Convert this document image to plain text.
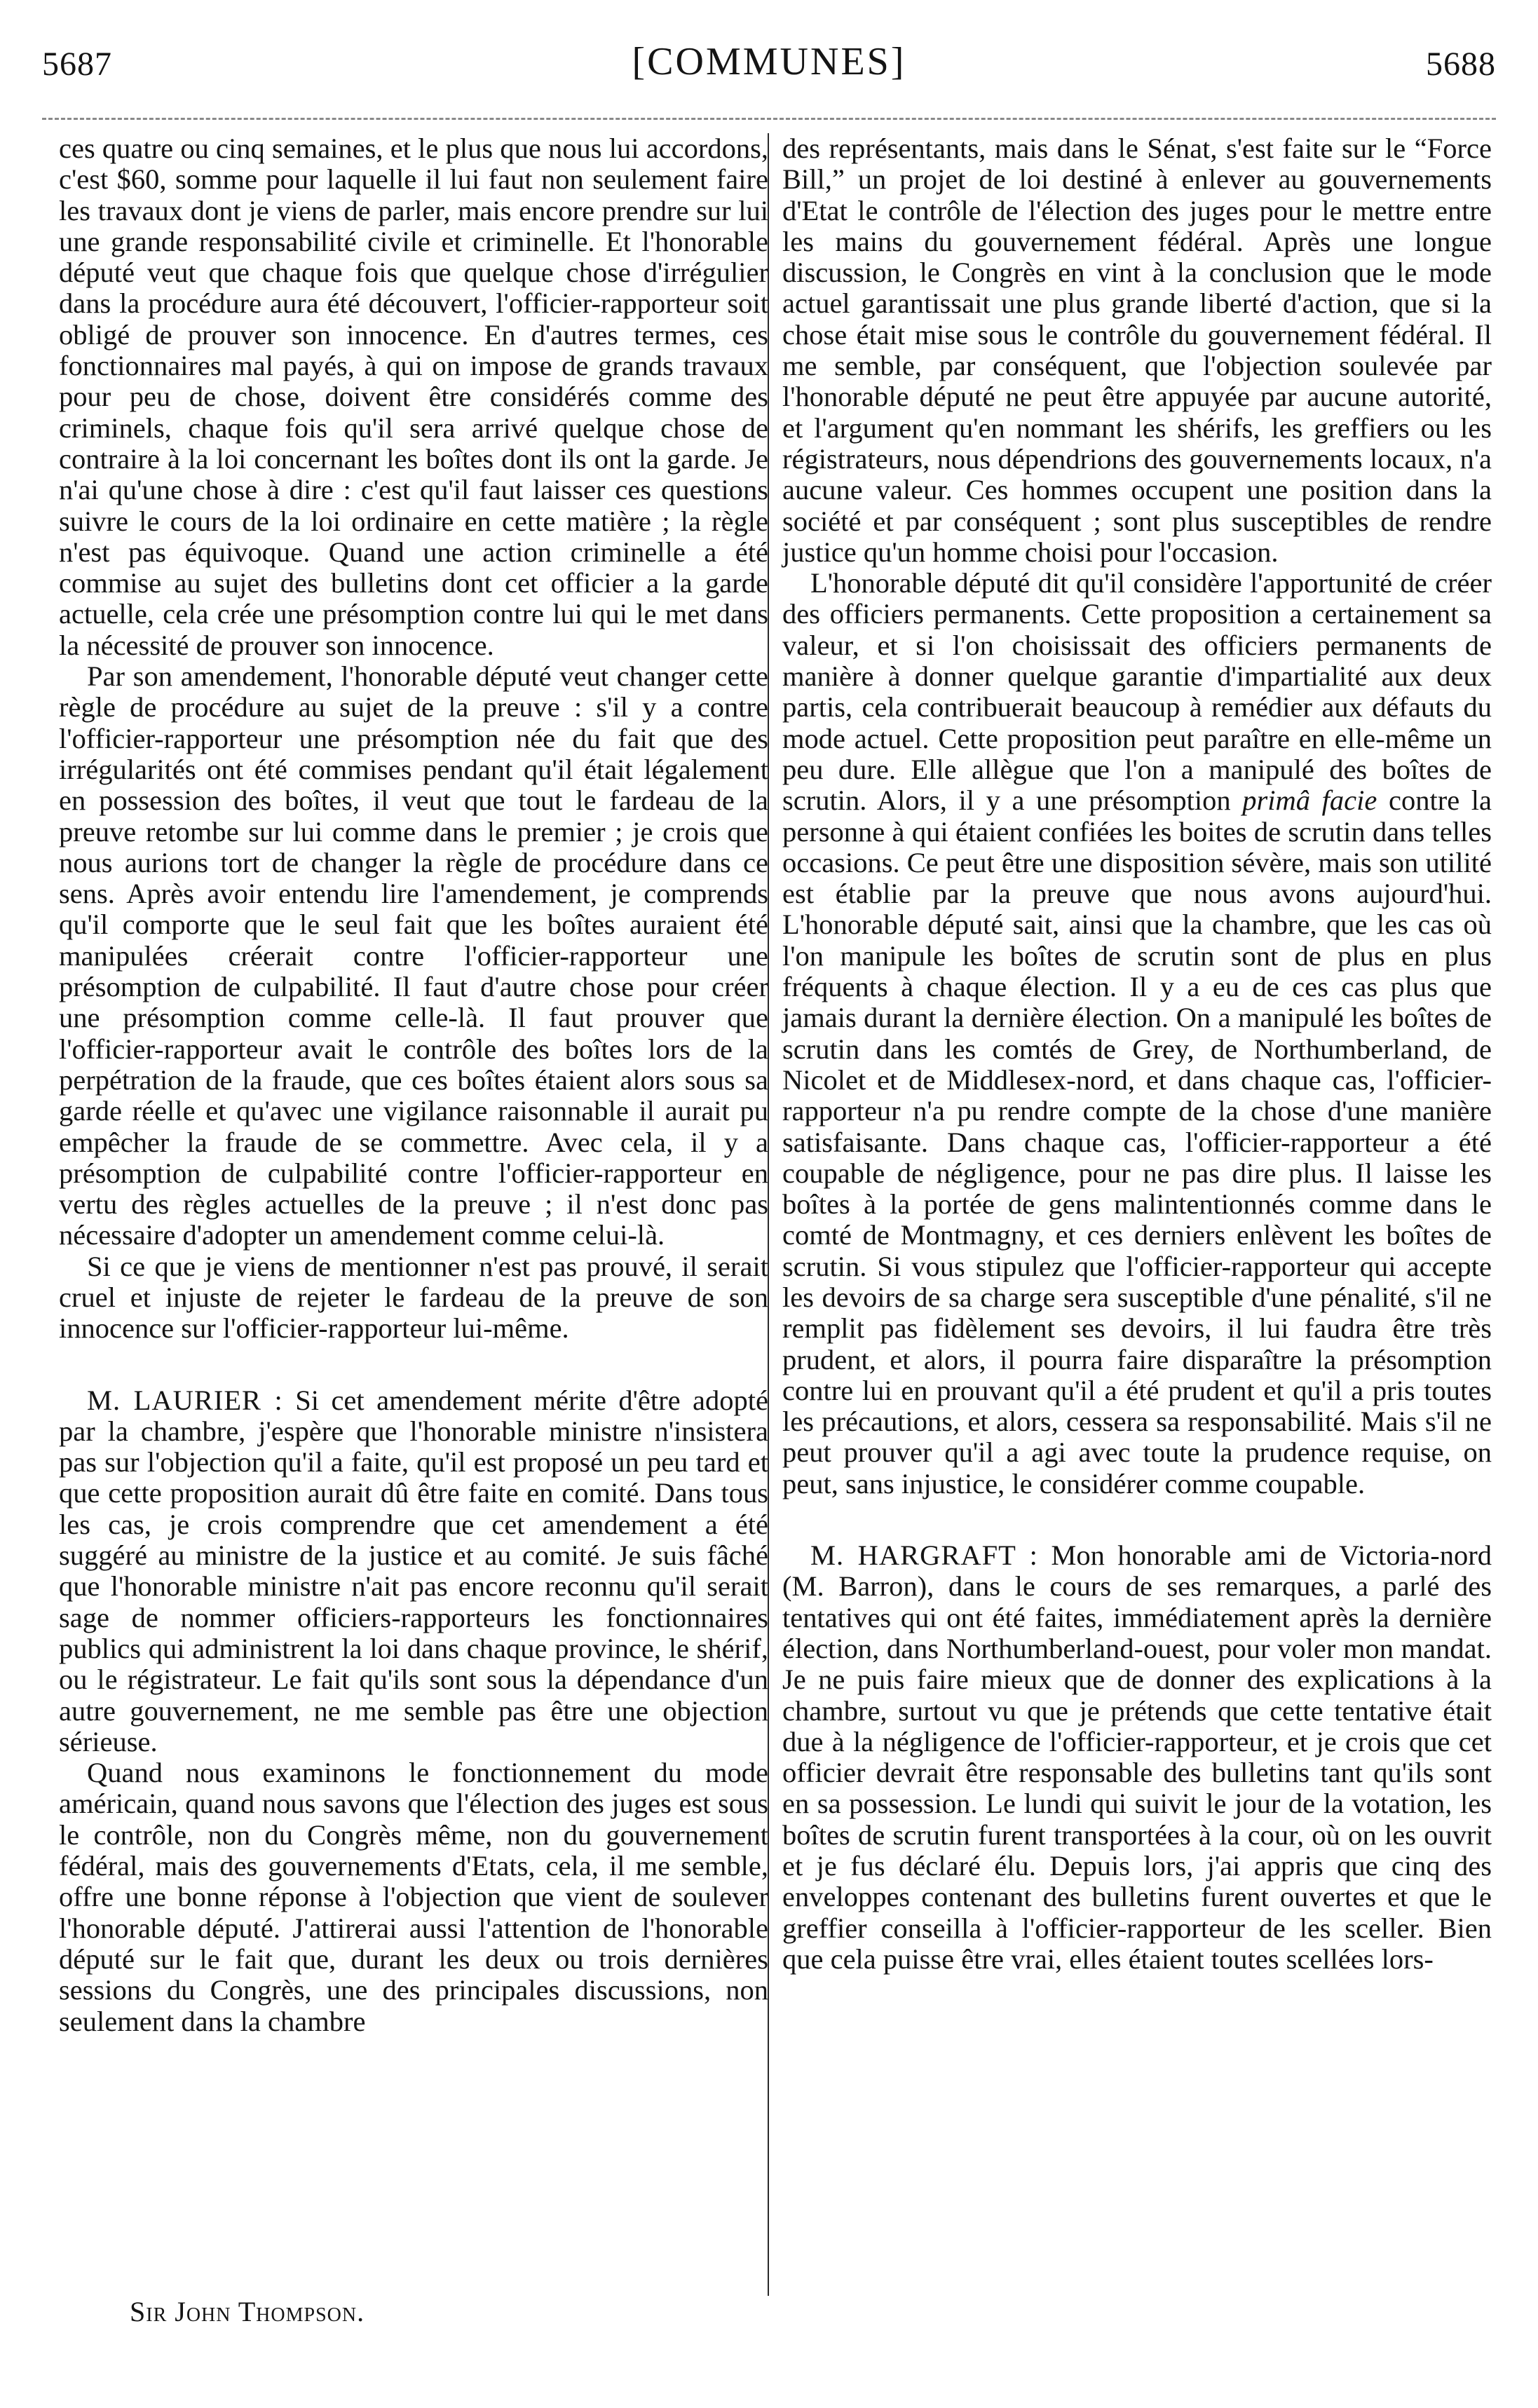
5687	[COMMUNES]	5688

ces quatre ou cinq semaines, et le plus que nous lui accordons, c'est $60, somme pour laquelle il lui faut non seulement faire les travaux dont je viens de parler, mais encore prendre sur lui une grande responsabilité civile et criminelle. Et l'honorable député veut que chaque fois que quelque chose d'irrégulier dans la procédure aura été découvert, l'officier-rapporteur soit obligé de prouver son innocence. En d'autres termes, ces fonctionnaires mal payés, à qui on impose de grands travaux pour peu de chose, doivent être considérés comme des criminels, chaque fois qu'il sera arrivé quelque chose de contraire à la loi concernant les boîtes dont ils ont la garde. Je n'ai qu'une chose à dire : c'est qu'il faut laisser ces questions suivre le cours de la loi ordinaire en cette matière ; la règle n'est pas équivoque. Quand une action criminelle a été commise au sujet des bulletins dont cet officier a la garde actuelle, cela crée une présomption contre lui qui le met dans la nécessité de prouver son innocence.

Par son amendement, l'honorable député veut changer cette règle de procédure au sujet de la preuve : s'il y a contre l'officier-rapporteur une présomption née du fait que des irrégularités ont été commises pendant qu'il était légalement en possession des boîtes, il veut que tout le fardeau de la preuve retombe sur lui comme dans le premier ; je crois que nous aurions tort de changer la règle de procédure dans ce sens. Après avoir entendu lire l'amendement, je comprends qu'il comporte que le seul fait que les boîtes auraient été manipulées créerait contre l'officier-rapporteur une présomption de culpabilité. Il faut d'autre chose pour créer une présomption comme celle-là. Il faut prouver que l'officier-rapporteur avait le contrôle des boîtes lors de la perpétration de la fraude, que ces boîtes étaient alors sous sa garde réelle et qu'avec une vigilance raisonnable il aurait pu empêcher la fraude de se commettre. Avec cela, il y a présomption de culpabilité contre l'officier-rapporteur en vertu des règles actuelles de la preuve ; il n'est donc pas nécessaire d'adopter un amendement comme celui-là.

Si ce que je viens de mentionner n'est pas prouvé, il serait cruel et injuste de rejeter le fardeau de la preuve de son innocence sur l'officier-rapporteur lui-même.

M. LAURIER : Si cet amendement mérite d'être adopté par la chambre, j'espère que l'honorable ministre n'insistera pas sur l'objection qu'il a faite, qu'il est proposé un peu tard et que cette proposition aurait dû être faite en comité. Dans tous les cas, je crois comprendre que cet amendement a été suggéré au ministre de la justice et au comité. Je suis fâché que l'honorable ministre n'ait pas encore reconnu qu'il serait sage de nommer officiers-rapporteurs les fonctionnaires publics qui administrent la loi dans chaque province, le shérif, ou le régistrateur. Le fait qu'ils sont sous la dépendance d'un autre gouvernement, ne me semble pas être une objection sérieuse.

Quand nous examinons le fonctionnement du mode américain, quand nous savons que l'élection des juges est sous le contrôle, non du Congrès même, non du gouvernement fédéral, mais des gouvernements d'Etats, cela, il me semble, offre une bonne réponse à l'objection que vient de soulever l'honorable député. J'attirerai aussi l'attention de l'honorable député sur le fait que, durant les deux ou trois dernières sessions du Congrès, une des principales discussions, non seulement dans la chambre

des représentants, mais dans le Sénat, s'est faite sur le “Force Bill,” un projet de loi destiné à enlever au gouvernements d'Etat le contrôle de l'élection des juges pour le mettre entre les mains du gouvernement fédéral. Après une longue discussion, le Congrès en vint à la conclusion que le mode actuel garantissait une plus grande liberté d'action, que si la chose était mise sous le contrôle du gouvernement fédéral. Il me semble, par conséquent, que l'objection soulevée par l'honorable député ne peut être appuyée par aucune autorité, et l'argument qu'en nommant les shérifs, les greffiers ou les régistrateurs, nous dépendrions des gouvernements locaux, n'a aucune valeur. Ces hommes occupent une position dans la société et par conséquent ; sont plus susceptibles de rendre justice qu'un homme choisi pour l'occasion.

L'honorable député dit qu'il considère l'apportunité de créer des officiers permanents. Cette proposition a certainement sa valeur, et si l'on choisissait des officiers permanents de manière à donner quelque garantie d'impartialité aux deux partis, cela contribuerait beaucoup à remédier aux défauts du mode actuel. Cette proposition peut paraître en elle-même un peu dure. Elle allègue que l'on a manipulé des boîtes de scrutin. Alors, il y a une présomption primâ facie contre la personne à qui étaient confiées les boites de scrutin dans telles occasions. Ce peut être une disposition sévère, mais son utilité est établie par la preuve que nous avons aujourd'hui. L'honorable député sait, ainsi que la chambre, que les cas où l'on manipule les boîtes de scrutin sont de plus en plus fréquents à chaque élection. Il y a eu de ces cas plus que jamais durant la dernière élection. On a manipulé les boîtes de scrutin dans les comtés de Grey, de Northumberland, de Nicolet et de Middlesex-nord, et dans chaque cas, l'officier-rapporteur n'a pu rendre compte de la chose d'une manière satisfaisante. Dans chaque cas, l'officier-rapporteur a été coupable de négligence, pour ne pas dire plus. Il laisse les boîtes à la portée de gens malintentionnés comme dans le comté de Montmagny, et ces derniers enlèvent les boîtes de scrutin. Si vous stipulez que l'officier-rapporteur qui accepte les devoirs de sa charge sera susceptible d'une pénalité, s'il ne remplit pas fidèlement ses devoirs, il lui faudra être très prudent, et alors, il pourra faire disparaître la présomption contre lui en prouvant qu'il a été prudent et qu'il a pris toutes les précautions, et alors, cessera sa responsabilité. Mais s'il ne peut prouver qu'il a agi avec toute la prudence requise, on peut, sans injustice, le considérer comme coupable.

M. HARGRAFT : Mon honorable ami de Victoria-nord (M. Barron), dans le cours de ses remarques, a parlé des tentatives qui ont été faites, immédiatement après la dernière élection, dans Northumberland-ouest, pour voler mon mandat. Je ne puis faire mieux que de donner des explications à la chambre, surtout vu que je prétends que cette tentative était due à la négligence de l'officier-rapporteur, et je crois que cet officier devrait être responsable des bulletins tant qu'ils sont en sa possession. Le lundi qui suivit le jour de la votation, les boîtes de scrutin furent transportées à la cour, où on les ouvrit et je fus déclaré élu. Depuis lors, j'ai appris que cinq des enveloppes contenant des bulletins furent ouvertes et que le greffier conseilla à l'officier-rapporteur de les sceller. Bien que cela puisse être vrai, elles étaient toutes scellées lors-

Sir John Thompson.
